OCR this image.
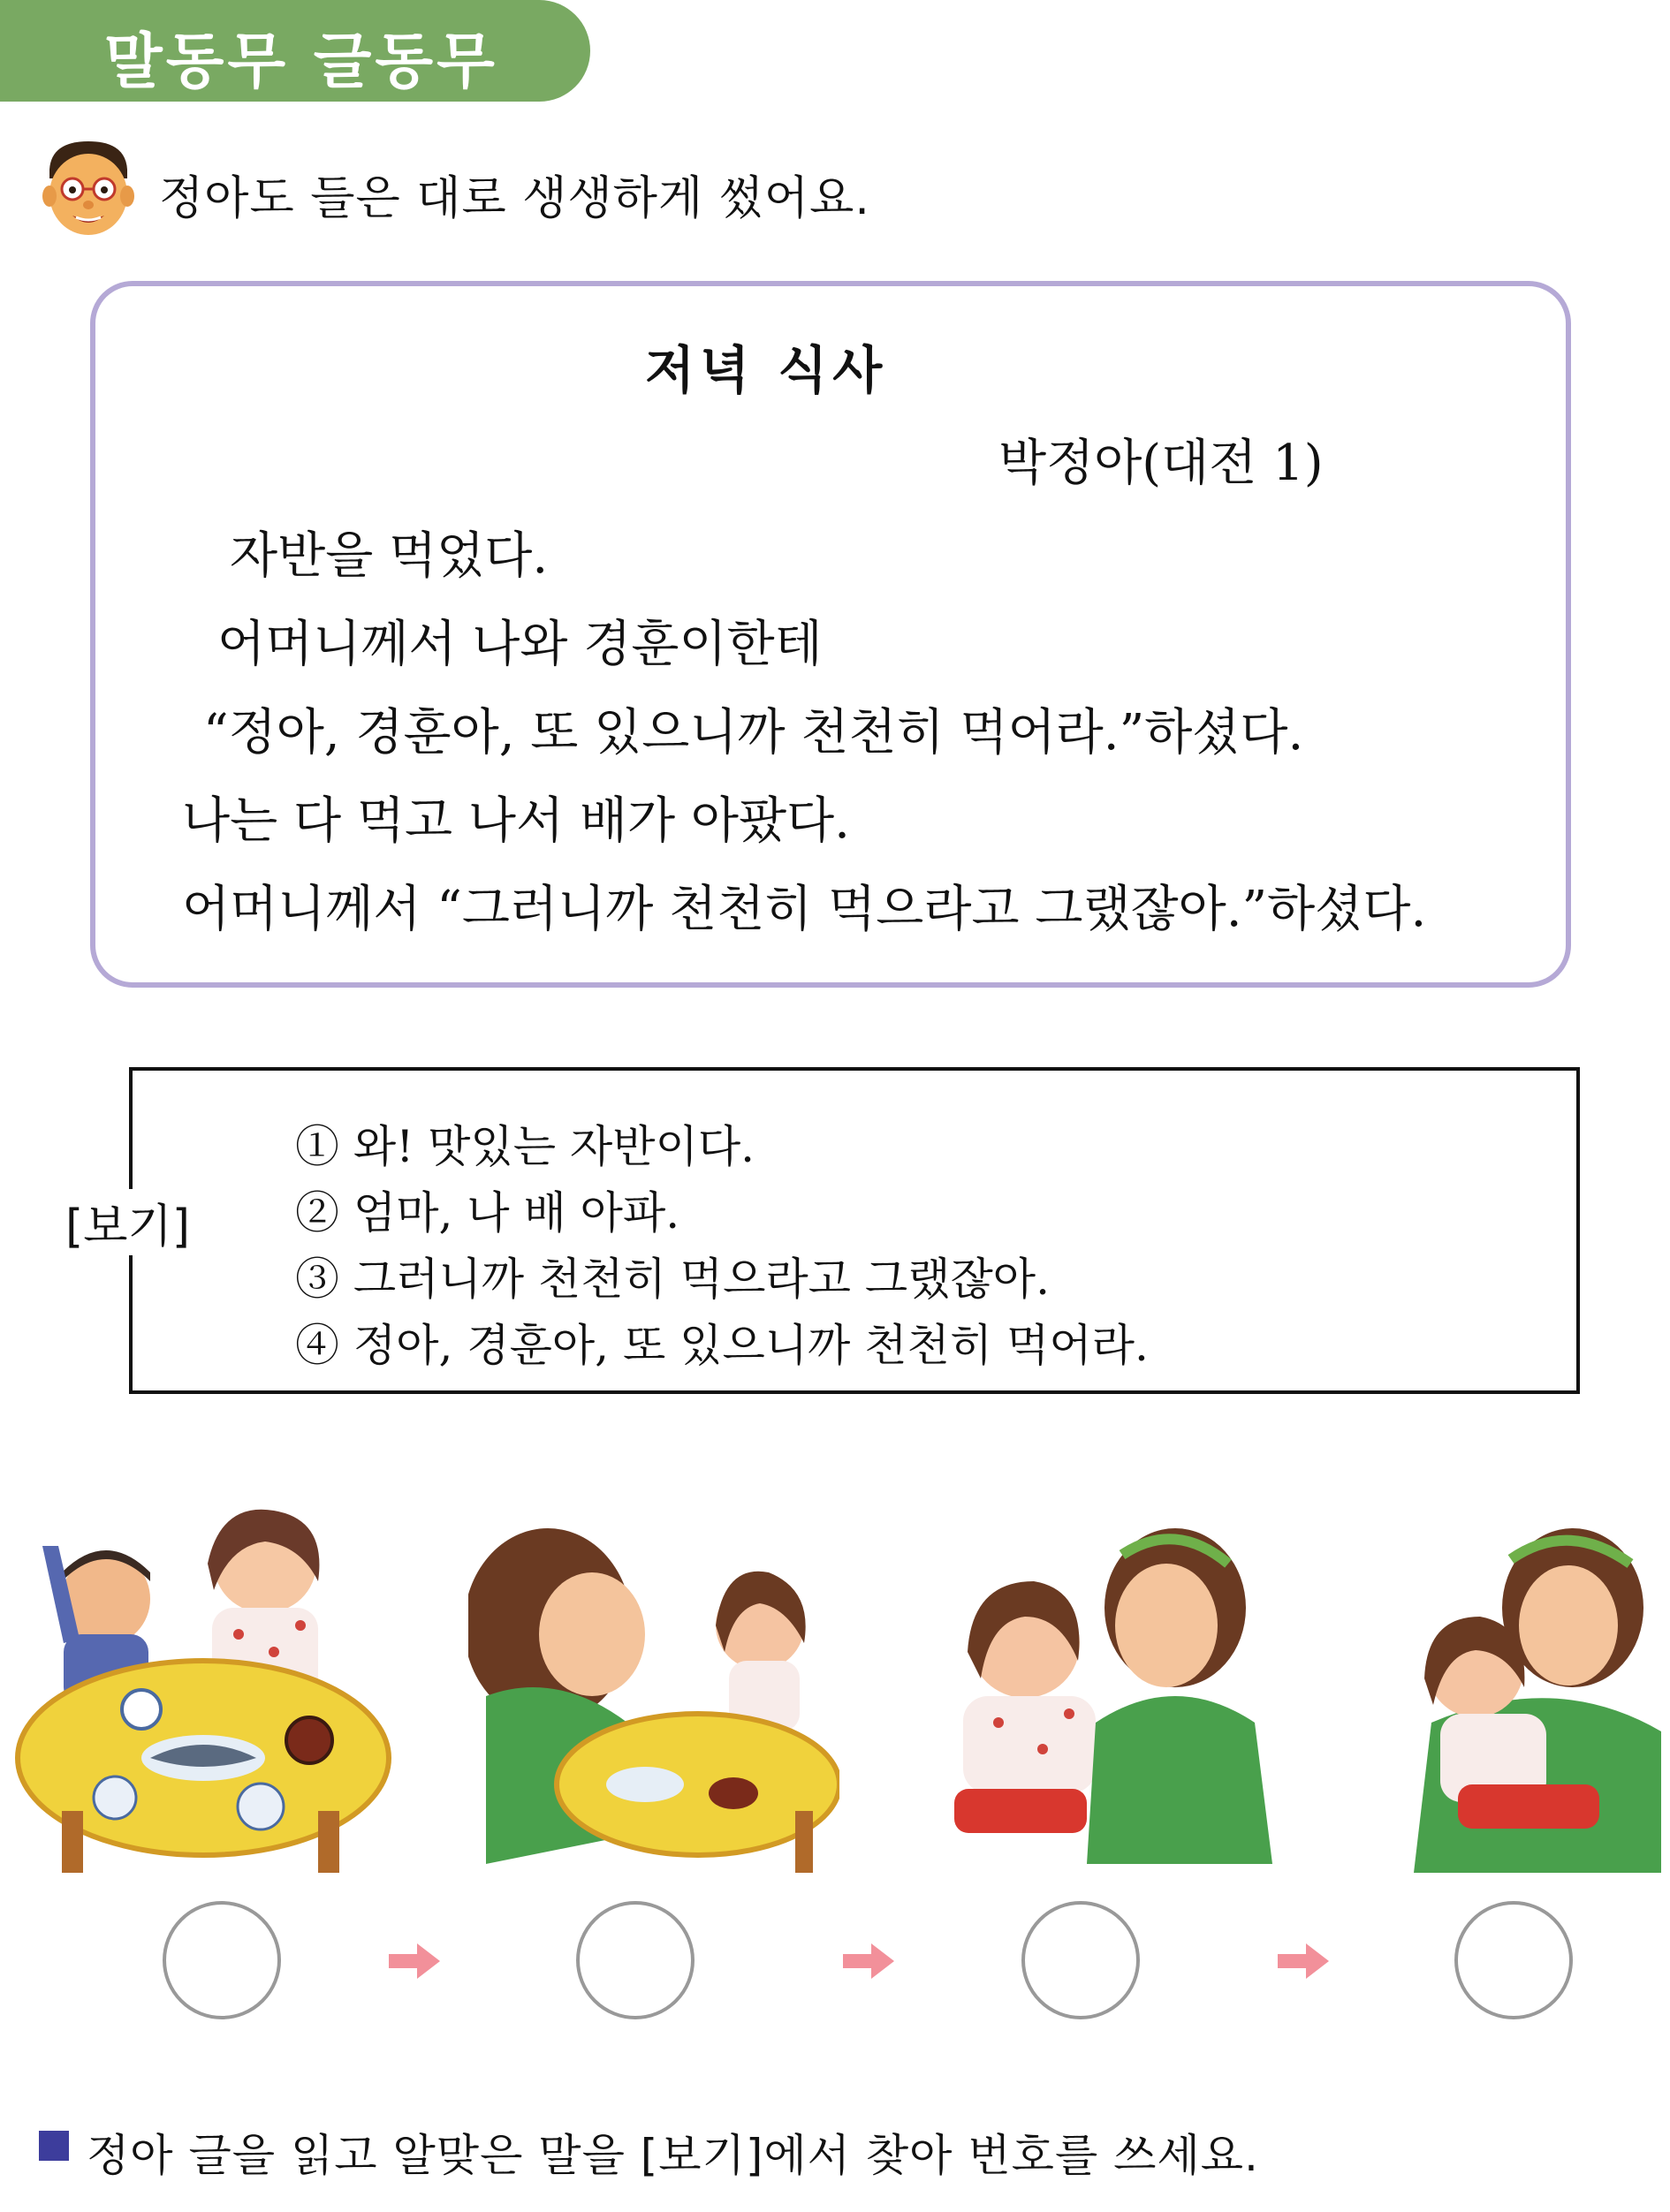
말동무 글동무
정아도 들은 대로 생생하게 썼어요.
저녁 식사
박정아(대전 1)
자반을 먹었다.
어머니께서 나와 경훈이한테
“정아, 경훈아, 또 있으니까 천천히 먹어라.”하셨다.
나는 다 먹고 나서 배가 아팠다.
어머니께서 “그러니까 천천히 먹으라고 그랬잖아.”하셨다.
[보기]
① 와! 맛있는 자반이다.
② 엄마, 나 배 아파.
③ 그러니까 천천히 먹으라고 그랬잖아.
④ 정아, 경훈아, 또 있으니까 천천히 먹어라.
정아 글을 읽고 알맞은 말을 [보기]에서 찾아 번호를 쓰세요.
